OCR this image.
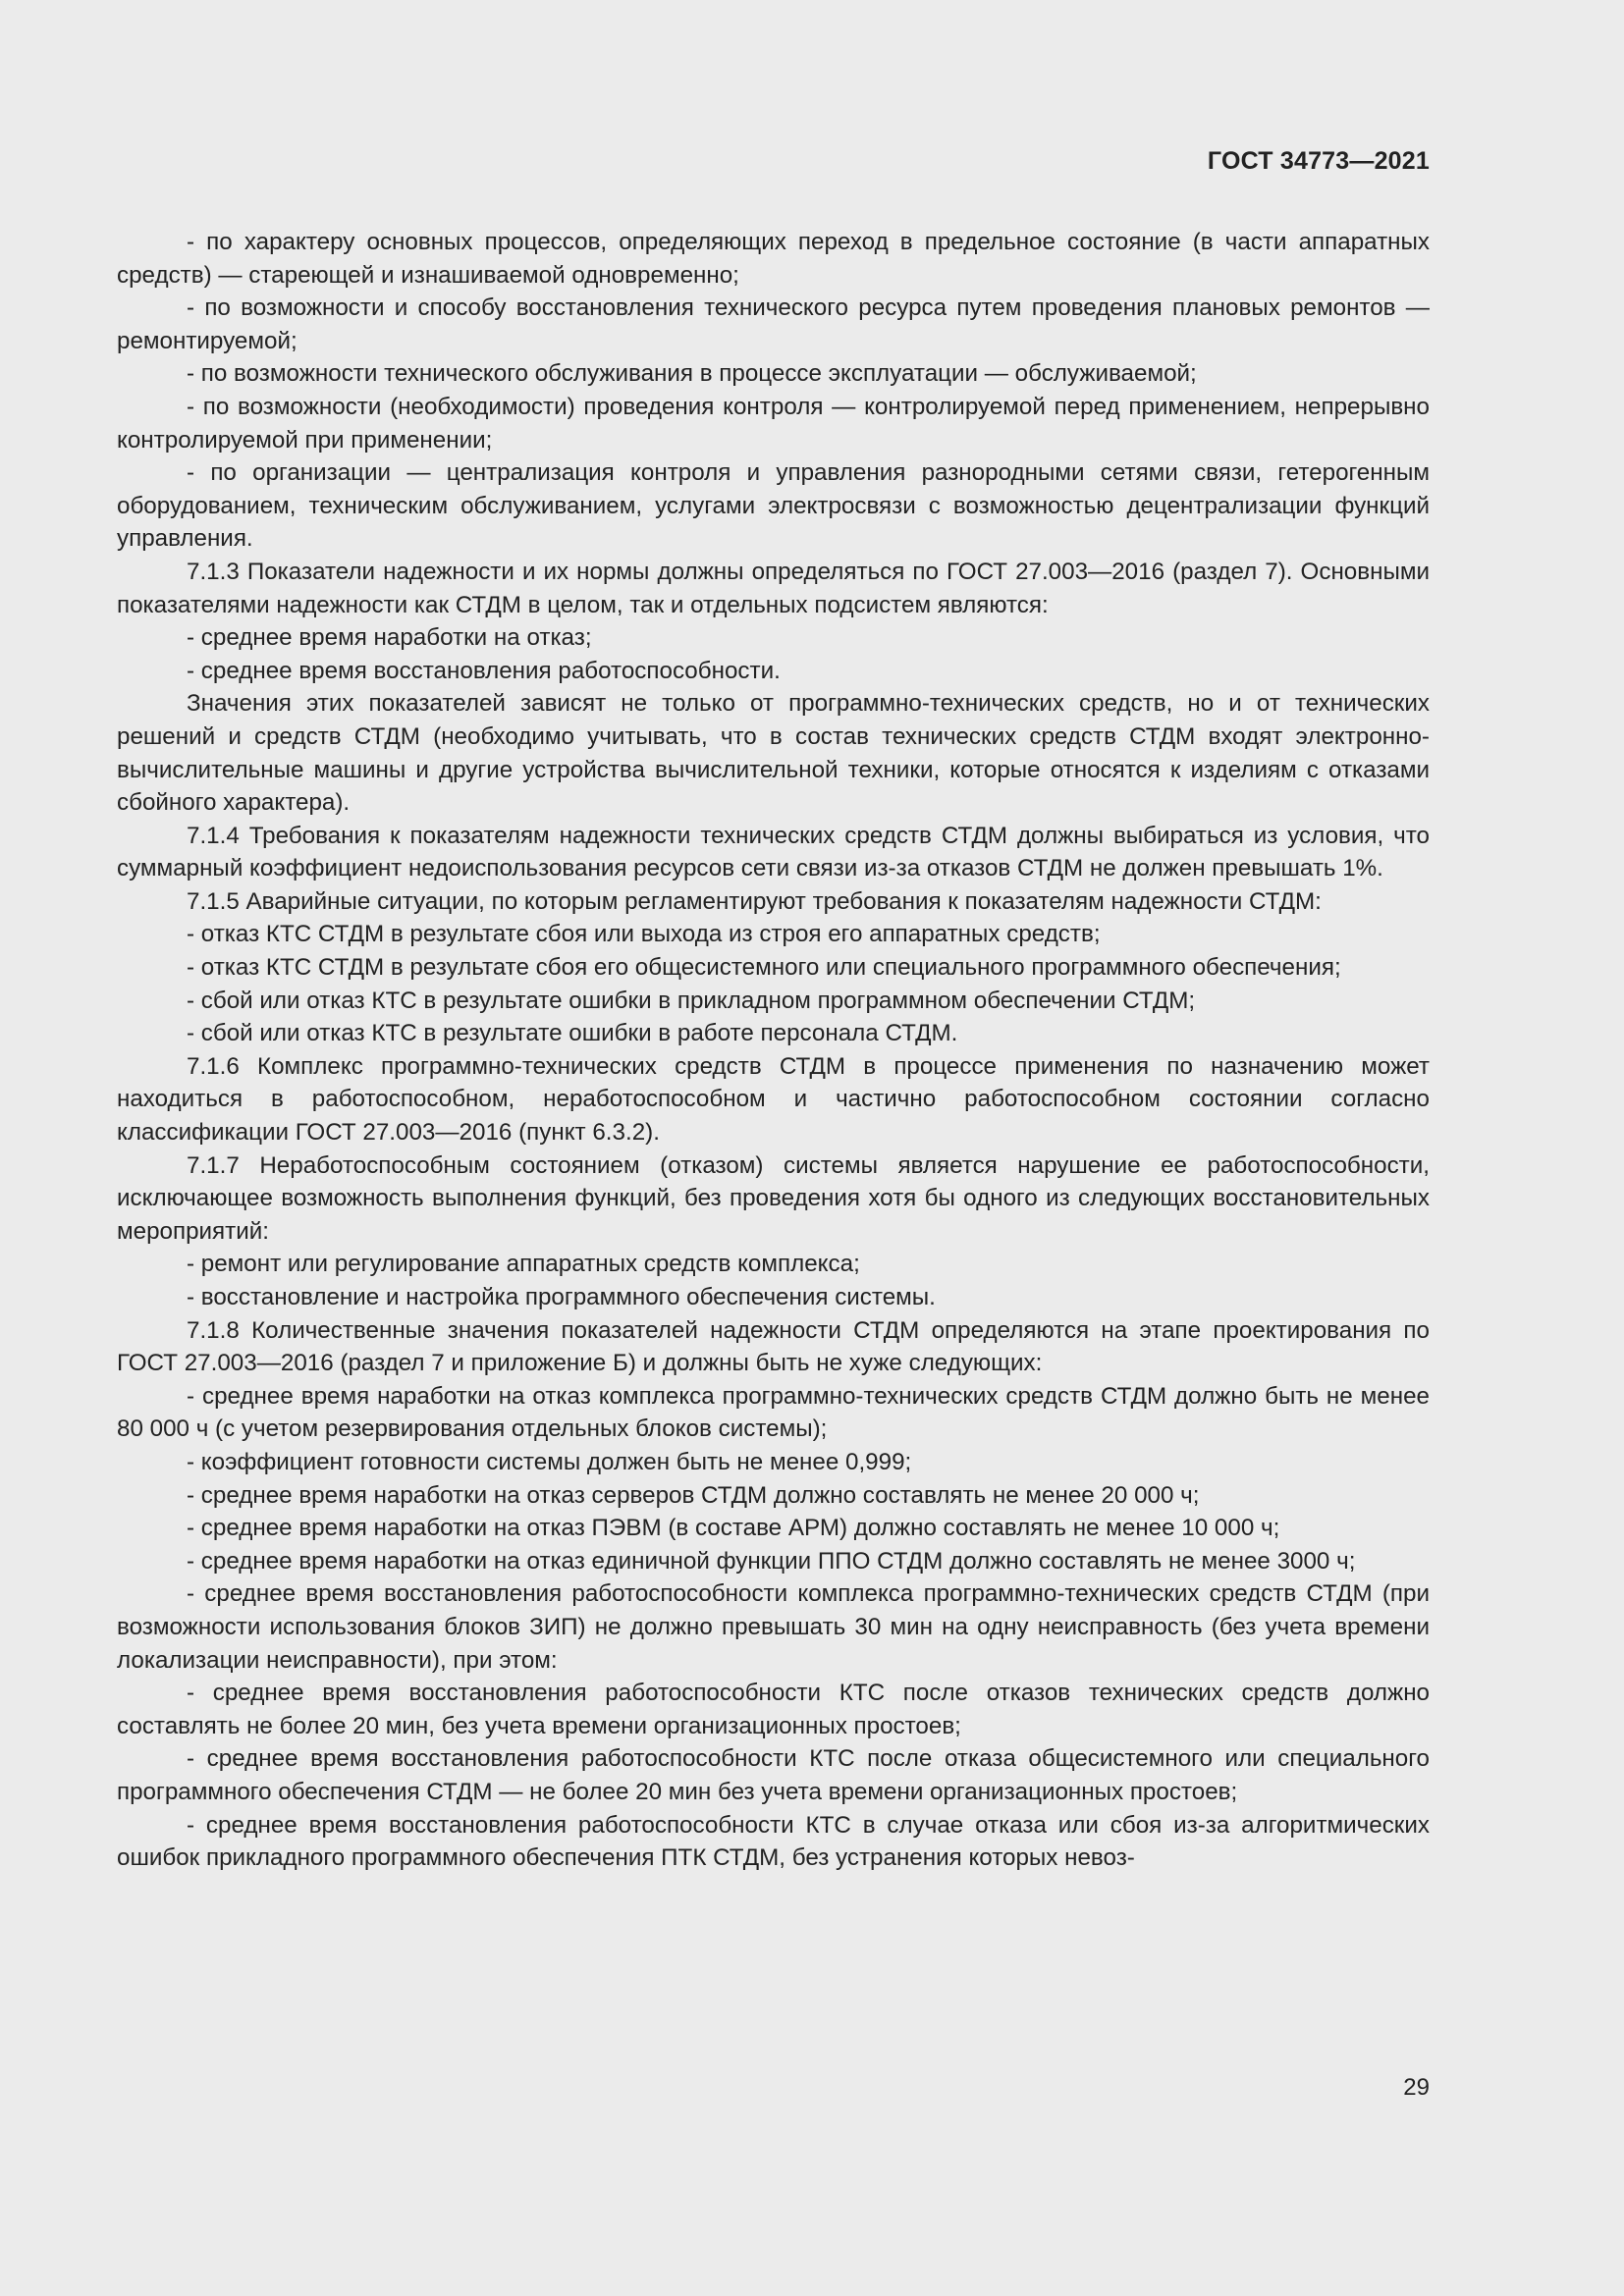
ГОСТ 34773—2021

- по характеру основных процессов, определяющих переход в предельное состояние (в части аппаратных средств) — стареющей и изнашиваемой одновременно;

- по возможности и способу восстановления технического ресурса путем проведения плановых ремонтов — ремонтируемой;

- по возможности технического обслуживания в процессе эксплуатации — обслуживаемой;

- по возможности (необходимости) проведения контроля — контролируемой перед применением, непрерывно контролируемой при применении;

- по организации — централизация контроля и управления разнородными сетями связи, гетерогенным оборудованием, техническим обслуживанием, услугами электросвязи с возможностью децентрализации функций управления.

7.1.3 Показатели надежности и их нормы должны определяться по ГОСТ 27.003—2016 (раздел 7). Основными показателями надежности как СТДМ в целом, так и отдельных подсистем являются:

- среднее время наработки на отказ;

- среднее время восстановления работоспособности.

Значения этих показателей зависят не только от программно-технических средств, но и от технических решений и средств СТДМ (необходимо учитывать, что в состав технических средств СТДМ входят электронно-вычислительные машины и другие устройства вычислительной техники, которые относятся к изделиям с отказами сбойного характера).

7.1.4 Требования к показателям надежности технических средств СТДМ должны выбираться из условия, что суммарный коэффициент недоиспользования ресурсов сети связи из-за отказов СТДМ не должен превышать 1%.

7.1.5 Аварийные ситуации, по которым регламентируют требования к показателям надежности СТДМ:

- отказ КТС СТДМ в результате сбоя или выхода из строя его аппаратных средств;

- отказ КТС СТДМ в результате сбоя его общесистемного или специального программного обеспечения;

- сбой или отказ КТС в результате ошибки в прикладном программном обеспечении СТДМ;

- сбой или отказ КТС в результате ошибки в работе персонала СТДМ.

7.1.6 Комплекс программно-технических средств СТДМ в процессе применения по назначению может находиться в работоспособном, неработоспособном и частично работоспособном состоянии согласно классификации ГОСТ 27.003—2016 (пункт 6.3.2).

7.1.7 Неработоспособным состоянием (отказом) системы является нарушение ее работоспособности, исключающее возможность выполнения функций, без проведения хотя бы одного из следующих восстановительных мероприятий:

- ремонт или регулирование аппаратных средств комплекса;

- восстановление и настройка программного обеспечения системы.

7.1.8 Количественные значения показателей надежности СТДМ определяются на этапе проектирования по ГОСТ 27.003—2016 (раздел 7 и приложение Б) и должны быть не хуже следующих:

- среднее время наработки на отказ комплекса программно-технических средств СТДМ должно быть не менее 80 000 ч (с учетом резервирования отдельных блоков системы);

- коэффициент готовности системы должен быть не менее 0,999;

- среднее время наработки на отказ серверов СТДМ должно составлять не менее 20 000 ч;

- среднее время наработки на отказ ПЭВМ (в составе АРМ) должно составлять не менее 10 000 ч;

- среднее время наработки на отказ единичной функции ППО СТДМ должно составлять не менее 3000 ч;

- среднее время восстановления работоспособности комплекса программно-технических средств СТДМ (при возможности использования блоков ЗИП) не должно превышать 30 мин на одну неисправность (без учета времени локализации неисправности), при этом:

- среднее время восстановления работоспособности КТС после отказов технических средств должно составлять не более 20 мин, без учета времени организационных простоев;

- среднее время восстановления работоспособности КТС после отказа общесистемного или специального программного обеспечения СТДМ — не более 20 мин без учета времени организационных простоев;

- среднее время восстановления работоспособности КТС в случае отказа или сбоя из-за алгоритмических ошибок прикладного программного обеспечения ПТК СТДМ, без устранения которых невоз-

29
